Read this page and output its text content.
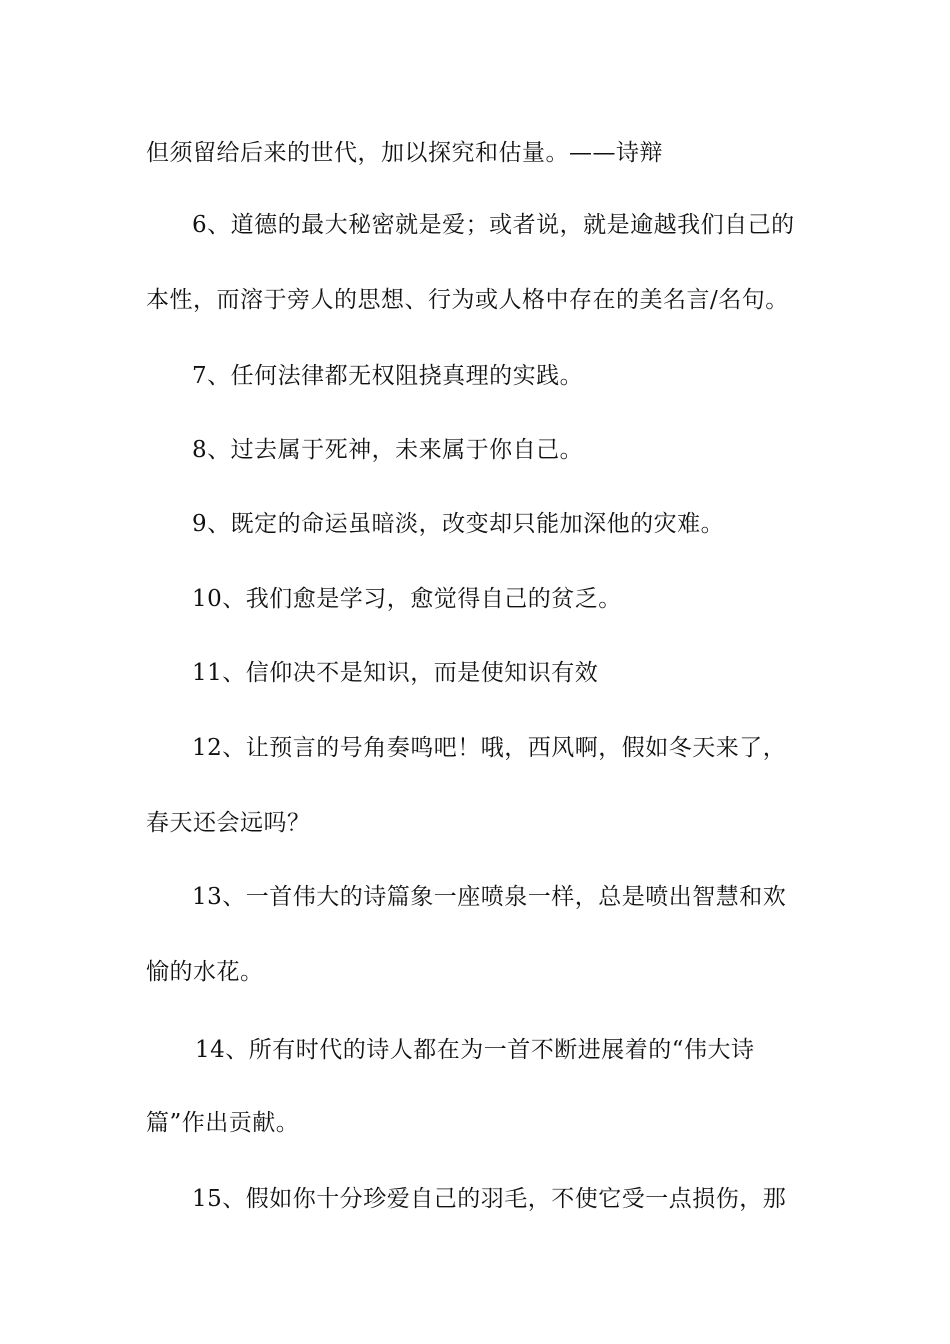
但须留给后来的世代，加以探究和估量。——诗辩
6、道德的最大秘密就是爱；或者说，就是逾越我们自己的
本性，而溶于旁人的思想、行为或人格中存在的美名言/名句。
7、任何法律都无权阻挠真理的实践。
8、过去属于死神，未来属于你自己。
9、既定的命运虽暗淡，改变却只能加深他的灾难。
10、我们愈是学习，愈觉得自己的贫乏。
11、信仰决不是知识，而是使知识有效
12、让预言的号角奏鸣吧！哦，西风啊，假如冬天来了，
春天还会远吗？
13、一首伟大的诗篇象一座喷泉一样，总是喷出智慧和欢
愉的水花。
14、所有时代的诗人都在为一首不断进展着的“伟大诗
篇”作出贡献。
15、假如你十分珍爱自己的羽毛，不使它受一点损伤，那
